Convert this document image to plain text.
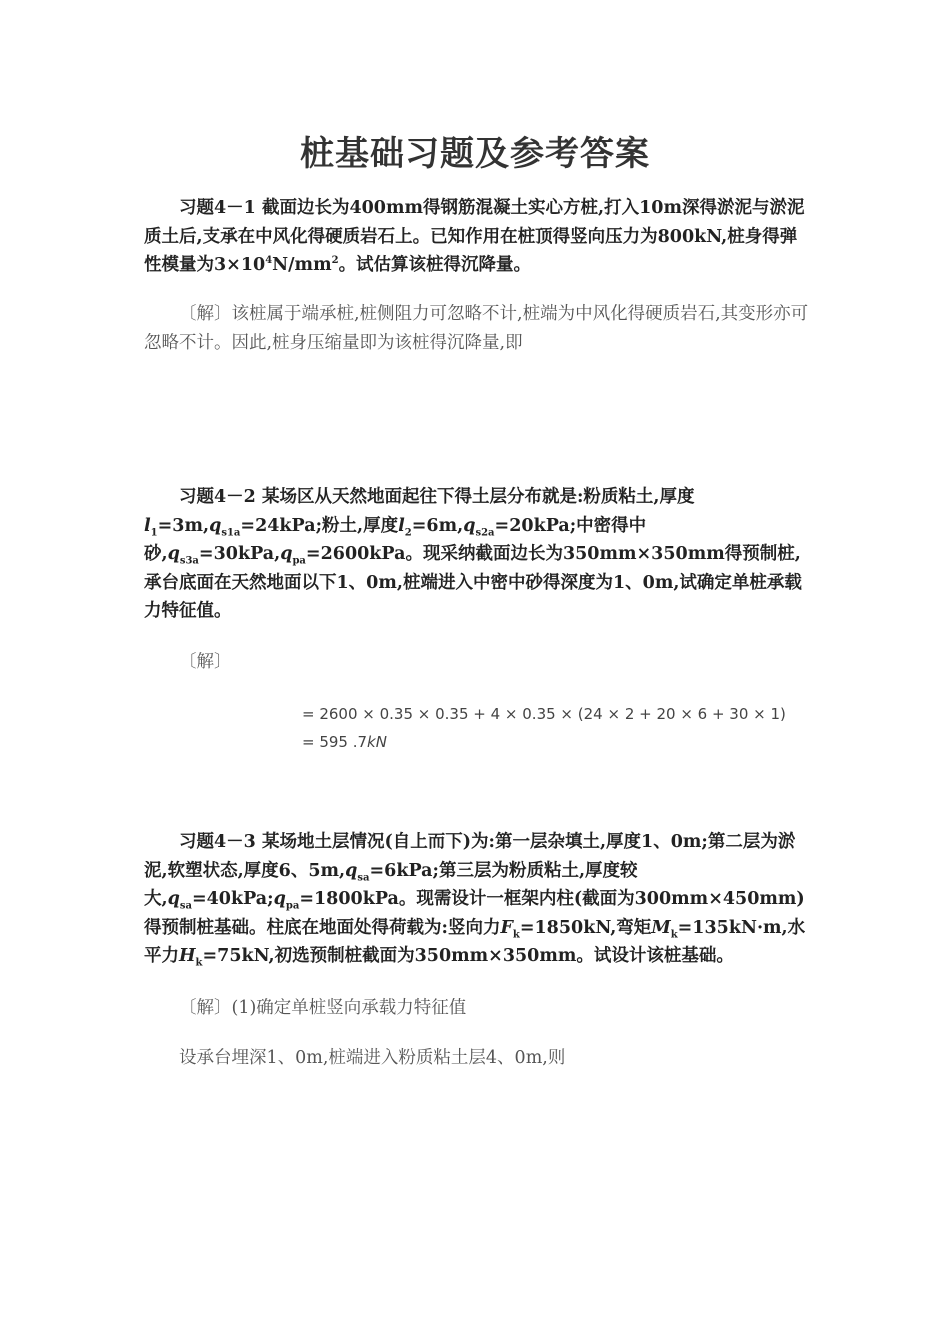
桩基础习题及参考答案
习题4－1 截面边长为400mm得钢筋混凝土实心方桩,打入10m深得淤泥与淤泥质土后,支承在中风化得硬质岩石上。已知作用在桩顶得竖向压力为800kN,桩身得弹性模量为$3\times 10^4N/mm^2$。试估算该桩得沉降量。
〔解〕该桩属于端承桩,桩侧阻力可忽略不计,桩端为中风化得硬质岩石,其变形亦可忽略不计。因此,桩身压缩量即为该桩得沉降量,即
习题4－2 某场区从天然地面起往下得土层分布就是:粉质粘土,厚度$l_1=3m,q_{s1a}=24kPa$;粉土,厚度$l_2=6m,q_{s2a}=20kPa$;中密得中砂$,q_{s3a}=30kPa,q_{pa}=2600kPa$。现采纳截面边长为350mm×350mm得预制桩,承台底面在天然地面以下1、0m,桩端进入中密中砂得深度为1、0m,试确定单桩承载力特征值。
〔解〕
= 2600 × 0.35 × 0.35 + 4 × 0.35 × (24 × 2 + 20 × 6 + 30 × 1)
= 595 .7kN
习题4－3 某场地土层情况(自上而下)为:第一层杂填土,厚度1、0m;第二层为淤泥,软塑状态,厚度6、$5m,q_{sa}=6kPa$;第三层为粉质粘土,厚度较大$,q_{sa}=40kPa;q_{pa}=1800kPa$。现需设计一框架内柱(截面为300mm×450mm)得预制桩基础。柱底在地面处得荷载为:竖向力$F_k=1850kN$,弯矩$M_k=135kN\cdot m$,水平力$H_k=75kN$,初选预制桩截面为350mm×350mm。试设计该桩基础。
〔解〕(1)确定单桩竖向承载力特征值
设承台埋深1、0m,桩端进入粉质粘土层4、0m,则
